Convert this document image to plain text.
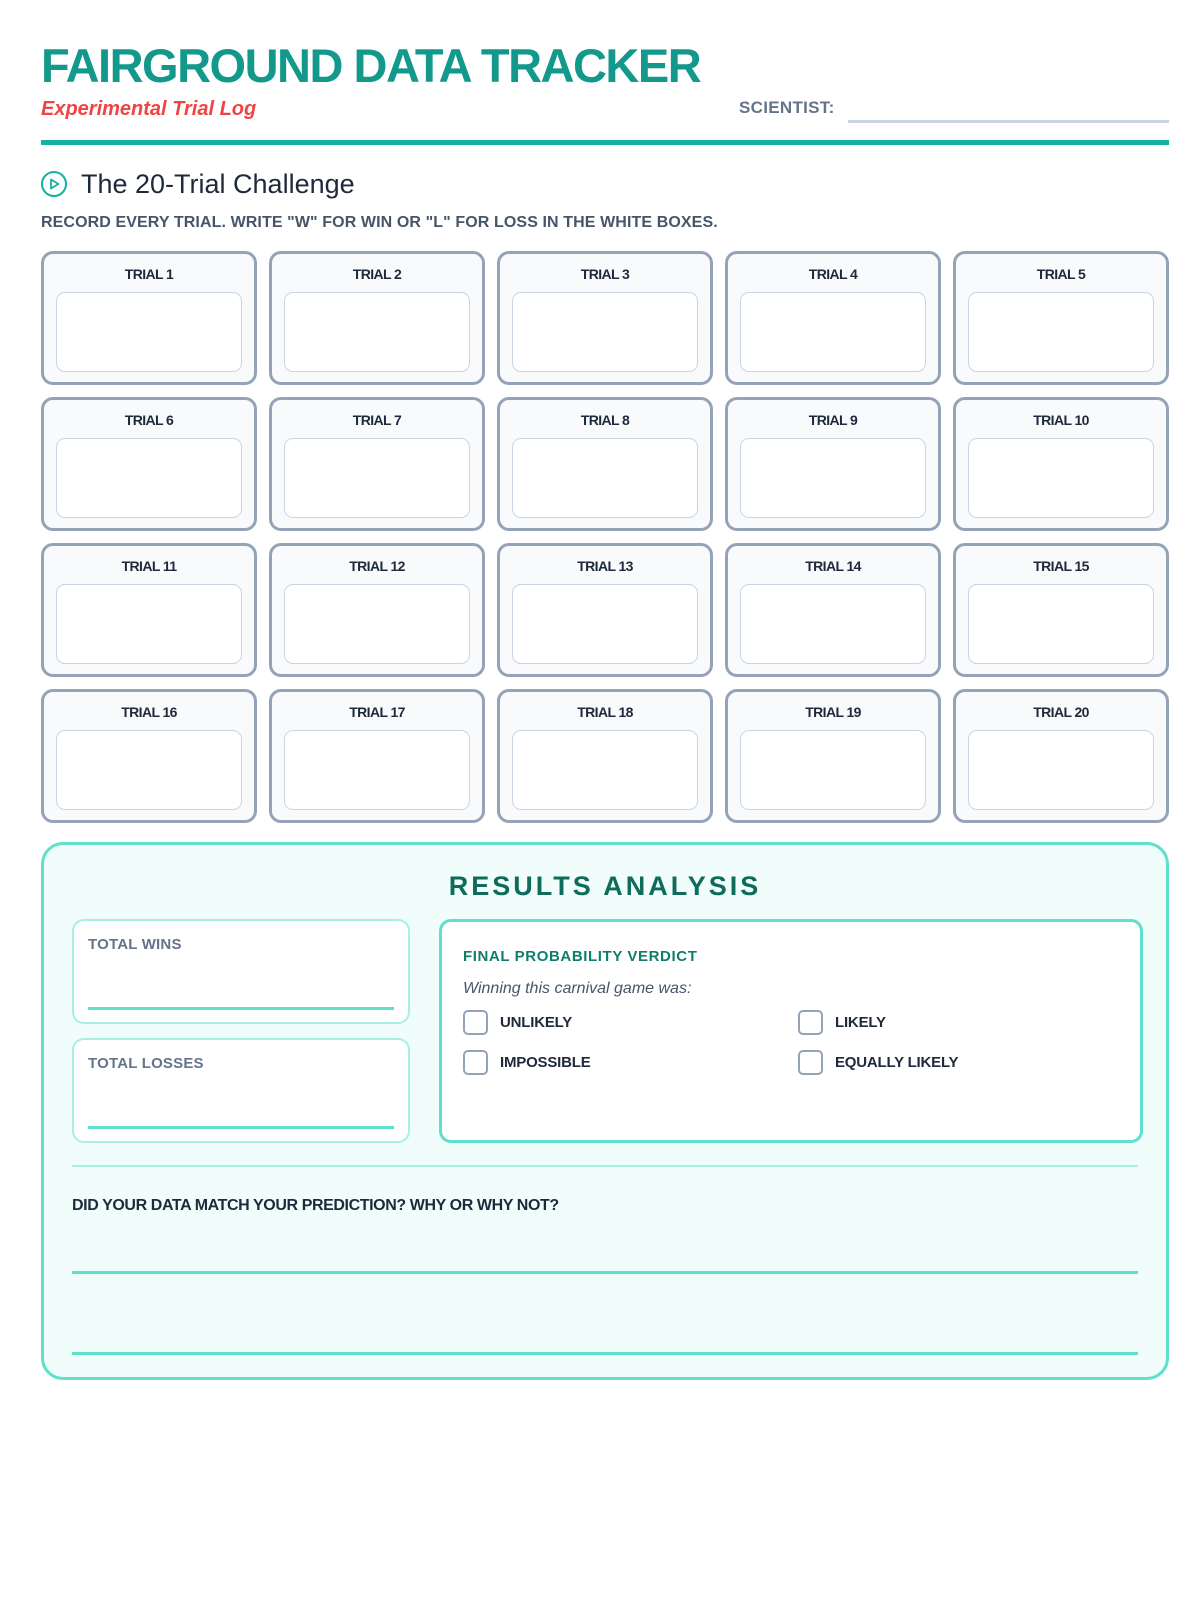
FAIRGROUND DATA TRACKER
Experimental Trial Log	SCIENTIST:
The 20-Trial Challenge
RECORD EVERY TRIAL. WRITE "W" FOR WIN OR "L" FOR LOSS IN THE WHITE BOXES.
TRIAL 1	TRIAL 2	TRIAL 3	TRIAL 4	TRIAL 5
TRIAL 6	TRIAL 7	TRIAL 8	TRIAL 9	TRIAL 10
TRIAL 11	TRIAL 12	TRIAL 13	TRIAL 14	TRIAL 15
TRIAL 16	TRIAL 17	TRIAL 18	TRIAL 19	TRIAL 20
RESULTS ANALYSIS
TOTAL WINS
TOTAL LOSSES
FINAL PROBABILITY VERDICT
Winning this carnival game was:
UNLIKELY	LIKELY
IMPOSSIBLE	EQUALLY LIKELY
DID YOUR DATA MATCH YOUR PREDICTION? WHY OR WHY NOT?
